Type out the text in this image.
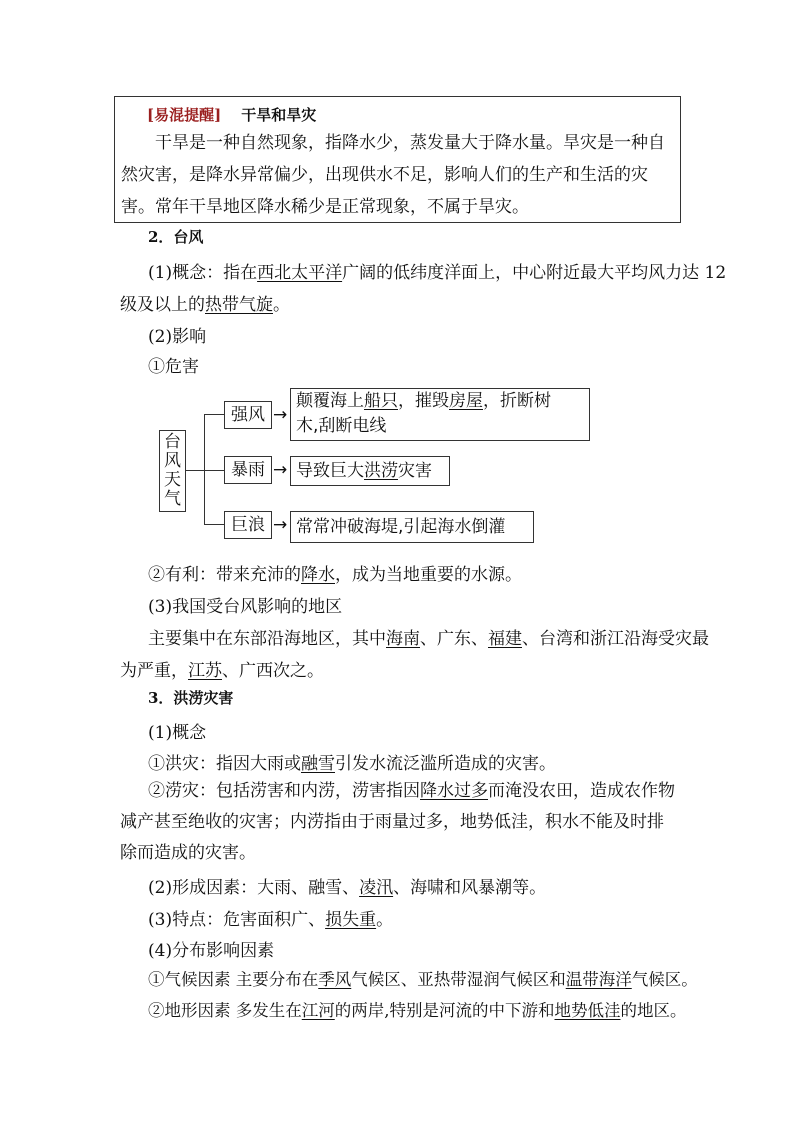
[易混提醒] 干旱和旱灾
干旱是一种自然现象，指降水少，蒸发量大于降水量。旱灾是一种自然灾害，是降水异常偏少，出现供水不足，影响人们的生产和生活的灾害。常年干旱地区降水稀少是正常现象，不属于旱灾。
2．台风
(1)概念：指在西北太平洋广阔的低纬度洋面上，中心附近最大平均风力达 12
级及以上的热带气旋。
(2)影响
①危害
台
风
天
气
强风 →
颠覆海上船只，摧毁房屋，折断树
木,刮断电线
暴雨 → 导致巨大洪涝灾害
巨浪 → 常常冲破海堤,引起海水倒灌
②有利：带来充沛的降水，成为当地重要的水源。
(3)我国受台风影响的地区
主要集中在东部沿海地区，其中海南、广东、福建、台湾和浙江沿海受灾最
为严重，江苏、广西次之。
3．洪涝灾害
(1)概念
①洪灾：指因大雨或融雪引发水流泛滥所造成的灾害。
②涝灾：包括涝害和内涝，涝害指因降水过多而淹没农田，造成农作物减产甚至绝收的灾害；内涝指由于雨量过多，地势低洼，积水不能及时排除而造成的灾害。
(2)形成因素：大雨、融雪、凌汛、海啸和风暴潮等。
(3)特点：危害面积广、损失重。
(4)分布影响因素
①气候因素 主要分布在季风气候区、亚热带湿润气候区和温带海洋气候区。
②地形因素 多发生在江河的两岸,特别是河流的中下游和地势低洼的地区。
